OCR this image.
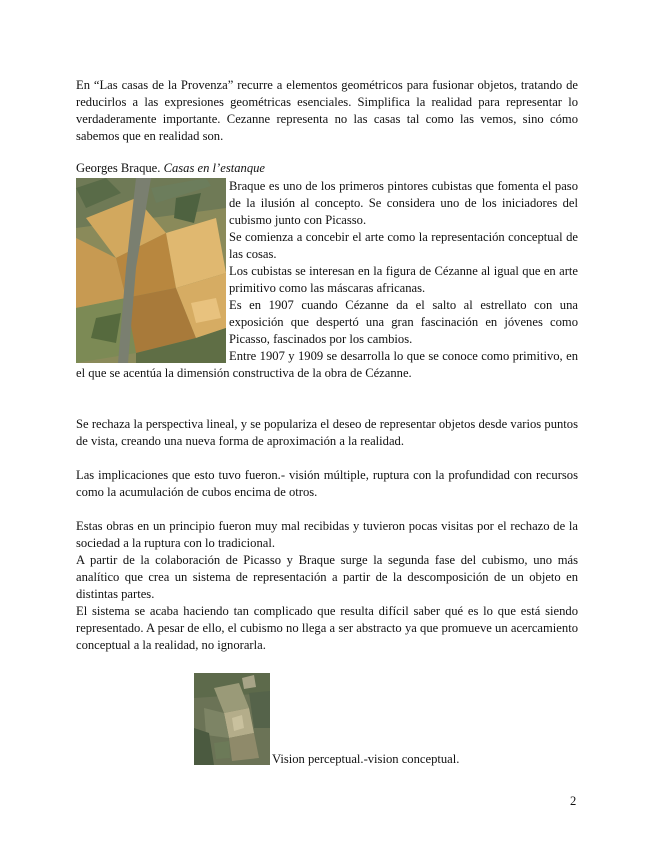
En “Las casas de la Provenza” recurre a elementos geométricos para fusionar objetos, tratando de reducirlos a las expresiones geométricas esenciales. Simplifica la realidad para representar lo verdaderamente importante. Cezanne representa no las casas tal como las vemos, sino cómo sabemos que en realidad son.

Georges Braque. Casas en l’estanque
Braque es uno de los primeros pintores cubistas que fomenta el paso de la ilusión al concepto. Se considera uno de los iniciadores del cubismo junto con Picasso.
Se comienza a concebir el arte como la representación conceptual de las cosas.
Los cubistas se interesan en la figura de Cézanne al igual que en arte primitivo como las máscaras africanas.
Es en 1907 cuando Cézanne da el salto al estrellato con una exposición que despertó una gran fascinación en jóvenes como Picasso, fascinados por los cambios.
Entre 1907 y 1909 se desarrolla lo que se conoce como primitivo, en el que se acentúa la dimensión constructiva de la obra de Cézanne.

Se rechaza la perspectiva lineal, y se populariza el deseo de representar objetos desde varios puntos de vista, creando una nueva forma de aproximación a la realidad.

Las implicaciones que esto tuvo fueron.- visión múltiple, ruptura con la profundidad con recursos como la acumulación de cubos encima de otros.

Estas obras en un principio fueron muy mal recibidas y tuvieron pocas visitas por el rechazo de la sociedad a la ruptura con lo tradicional.
A partir de la colaboración de Picasso y Braque surge la segunda fase del cubismo, uno más analítico que crea un sistema de representación a partir de la descomposición de un objeto en distintas partes.
El sistema se acaba haciendo tan complicado que resulta difícil saber qué es lo que está siendo representado. A pesar de ello, el cubismo no llega a ser abstracto ya que promueve un acercamiento conceptual a la realidad, no ignorarla.
Vision perceptual.-vision conceptual.
2
